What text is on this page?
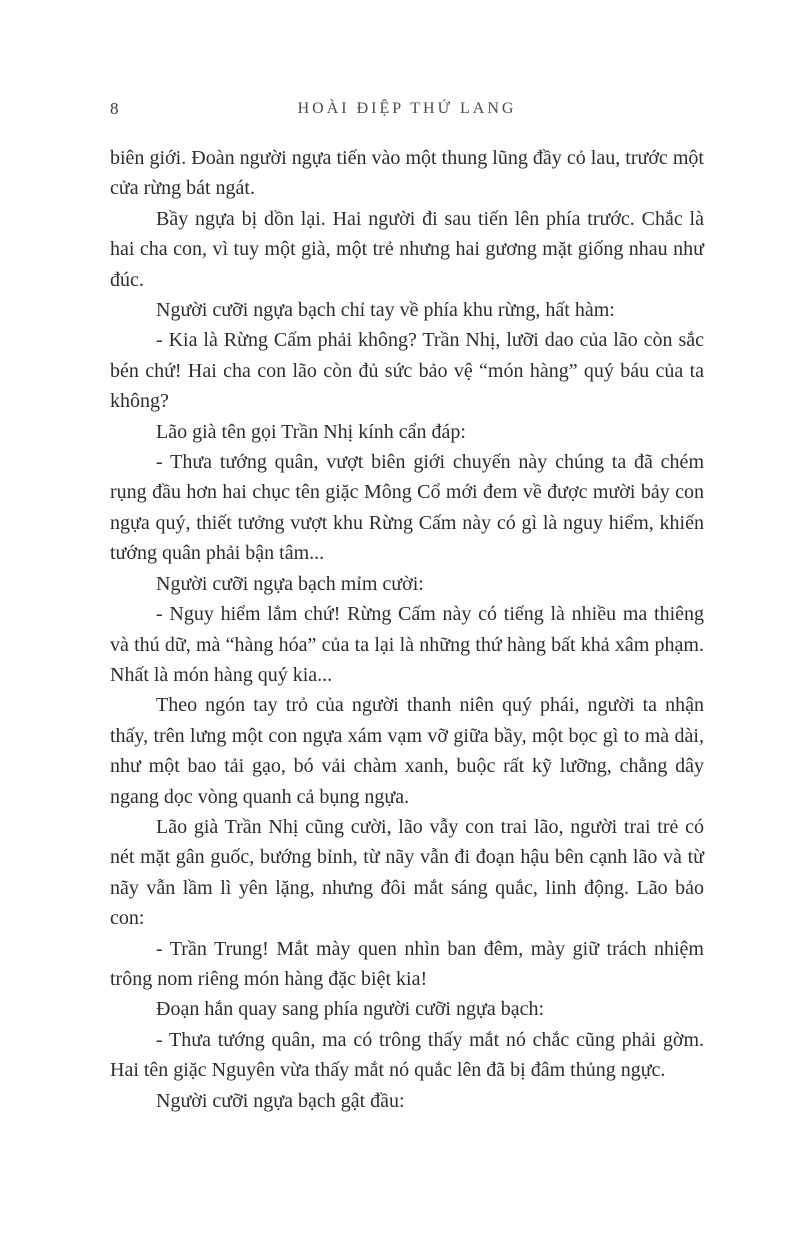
8	HOÀI ĐIỆP THỨ LANG

biên giới. Đoàn người ngựa tiến vào một thung lũng đầy cỏ lau, trước một cửa rừng bát ngát.

Bầy ngựa bị dồn lại. Hai người đi sau tiến lên phía trước. Chắc là hai cha con, vì tuy một già, một trẻ nhưng hai gương mặt giống nhau như đúc.

Người cưỡi ngựa bạch chỉ tay về phía khu rừng, hất hàm:

- Kia là Rừng Cấm phải không? Trần Nhị, lưỡi dao của lão còn sắc bén chứ! Hai cha con lão còn đủ sức bảo vệ “món hàng” quý báu của ta không?

Lão già tên gọi Trần Nhị kính cẩn đáp:

- Thưa tướng quân, vượt biên giới chuyến này chúng ta đã chém rụng đầu hơn hai chục tên giặc Mông Cổ mới đem về được mười bảy con ngựa quý, thiết tưởng vượt khu Rừng Cấm này có gì là nguy hiểm, khiến tướng quân phải bận tâm...

Người cưỡi ngựa bạch mỉm cười:

- Nguy hiểm lắm chứ! Rừng Cấm này có tiếng là nhiều ma thiêng và thú dữ, mà “hàng hóa” của ta lại là những thứ hàng bất khả xâm phạm. Nhất là món hàng quý kia...

Theo ngón tay trỏ của người thanh niên quý phái, người ta nhận thấy, trên lưng một con ngựa xám vạm vỡ giữa bầy, một bọc gì to mà dài, như một bao tải gạo, bó vải chàm xanh, buộc rất kỹ lưỡng, chằng dây ngang dọc vòng quanh cả bụng ngựa.

Lão già Trần Nhị cũng cười, lão vẫy con trai lão, người trai trẻ có nét mặt gân guốc, bướng bỉnh, từ nãy vẫn đi đoạn hậu bên cạnh lão và từ nãy vẫn lầm lì yên lặng, nhưng đôi mắt sáng quắc, linh động. Lão bảo con:

- Trần Trung! Mắt mày quen nhìn ban đêm, mày giữ trách nhiệm trông nom riêng món hàng đặc biệt kia!

Đoạn hắn quay sang phía người cưỡi ngựa bạch:

- Thưa tướng quân, ma có trông thấy mắt nó chắc cũng phải gờm. Hai tên giặc Nguyên vừa thấy mắt nó quắc lên đã bị đâm thủng ngực.

Người cưỡi ngựa bạch gật đầu:
